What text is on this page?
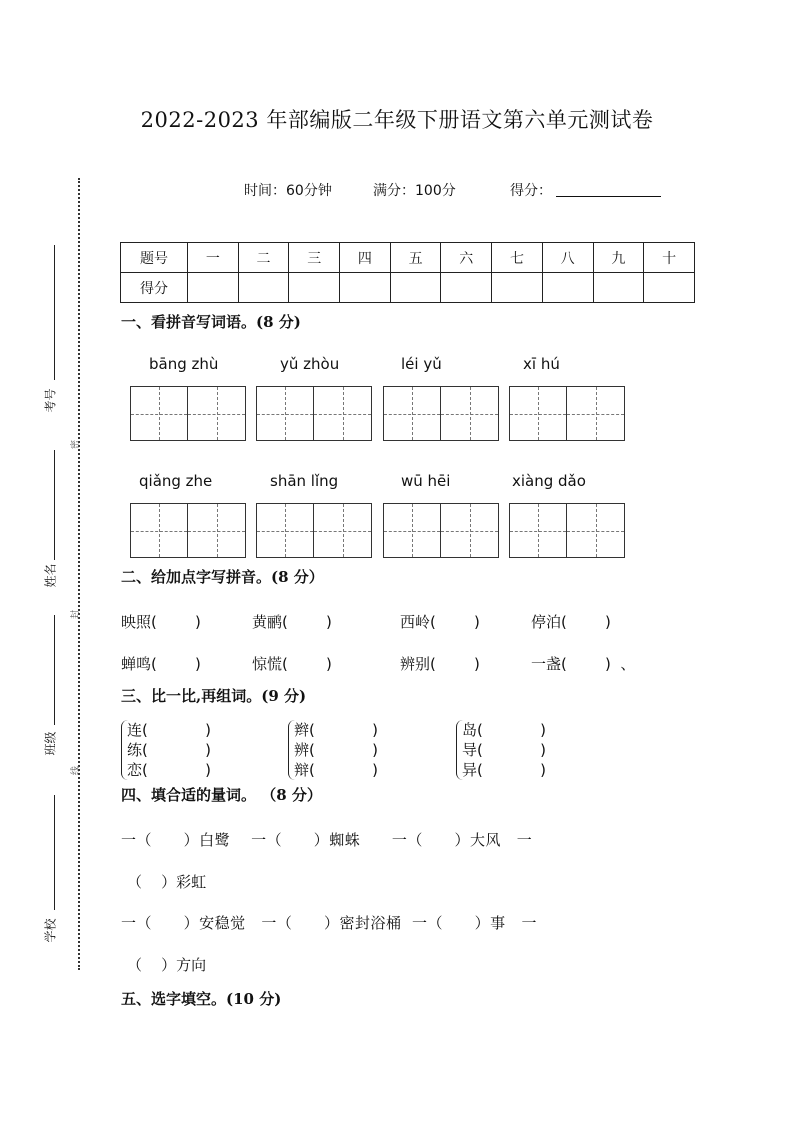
2022-2023 年部编版二年级下册语文第六单元测试卷
时间：60分钟	满分：100分	得分：
考号
密
姓名
封
班级
线
学校
题号	一	二	三	四	五	六	七	八	九	十
得分										
一、看拼音写词语。(8 分)
bāng zhù	yǔ zhòu	léi yǔ	xī hú
qiǎng zhe	shān lǐng	wū hēi	xiàng dǎo
二、给加点字写拼音。(8 分）
映照(        )	黄鹂(        )	西岭(        )	停泊(        )
蝉鸣(        )	惊慌(        )	辨别(        )	一盏(        )  、
三、比一比,再组词。(9 分)
连(            )
练(            )
恋(            )
辫(            )
辨(            )
辩(            )
岛(            )
导(            )
异(            )
四、填合适的量词。 （8 分）
一（      ）白鹭    一（      ）蜘蛛      一（      ）大风   一
（    ）彩虹
一（      ）安稳觉   一（      ）密封浴桶  一（      ）事   一
（    ）方向
五、选字填空。(10 分)
